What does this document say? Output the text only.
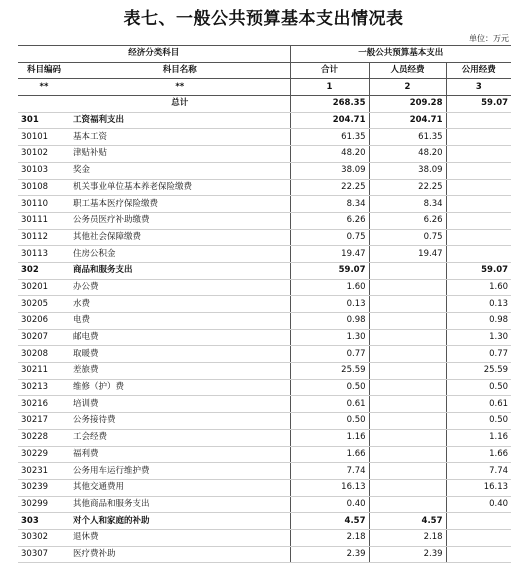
表七、一般公共预算基本支出情况表
单位：万元
经济分类科目		一般公共预算基本支出		
科目编码	科目名称	合计	人员经费	公用经费
**	**	1	2	3
	总计	268.35	209.28	59.07
301	工资福利支出	204.71	204.71	
30101	基本工资	61.35	61.35	
30102	津贴补贴	48.20	48.20	
30103	奖金	38.09	38.09	
30108	机关事业单位基本养老保险缴费	22.25	22.25	
30110	职工基本医疗保险缴费	8.34	8.34	
30111	公务员医疗补助缴费	6.26	6.26	
30112	其他社会保障缴费	0.75	0.75	
30113	住房公积金	19.47	19.47	
302	商品和服务支出	59.07		59.07
30201	办公费	1.60		1.60
30205	水费	0.13		0.13
30206	电费	0.98		0.98
30207	邮电费	1.30		1.30
30208	取暖费	0.77		0.77
30211	差旅费	25.59		25.59
30213	维修（护）费	0.50		0.50
30216	培训费	0.61		0.61
30217	公务接待费	0.50		0.50
30228	工会经费	1.16		1.16
30229	福利费	1.66		1.66
30231	公务用车运行维护费	7.74		7.74
30239	其他交通费用	16.13		16.13
30299	其他商品和服务支出	0.40		0.40
303	对个人和家庭的补助	4.57	4.57	
30302	退休费	2.18	2.18	
30307	医疗费补助	2.39	2.39	
